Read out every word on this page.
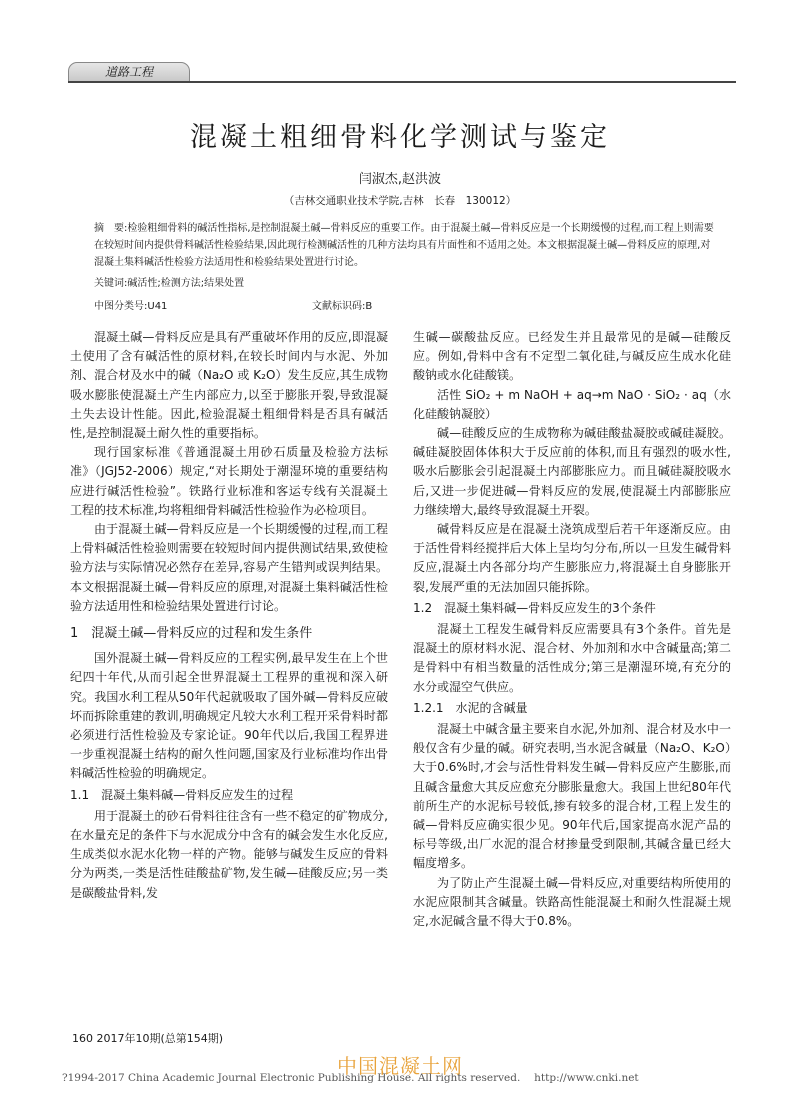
道路工程
混凝土粗细骨料化学测试与鉴定
闫淑杰,赵洪波
（吉林交通职业技术学院,吉林　长春　130012）

摘　要:检验粗细骨料的碱活性指标,是控制混凝土碱—骨料反应的重要工作。由于混凝土碱—骨料反应是一个长期缓慢的过程,而工程上则需要在较短时间内提供骨料碱活性检验结果,因此现行检测碱活性的几种方法均具有片面性和不适用之处。本文根据混凝土碱—骨料反应的原理,对混凝土集料碱活性检验方法适用性和检验结果处置进行讨论。

关键词:碱活性;检测方法;结果处置
中图分类号:U41	文献标识码:B

混凝土碱—骨料反应是具有严重破坏作用的反应,即混凝土使用了含有碱活性的原材料,在较长时间内与水泥、外加剂、混合材及水中的碱（Na₂O 或 K₂O）发生反应,其生成物吸水膨胀使混凝土产生内部应力,以至于膨胀开裂,导致混凝土失去设计性能。因此,检验混凝土粗细骨料是否具有碱活性,是控制混凝土耐久性的重要指标。

现行国家标准《普通混凝土用砂石质量及检验方法标准》（JGJ52-2006）规定,“对长期处于潮湿环境的重要结构应进行碱活性检验”。铁路行业标准和客运专线有关混凝土工程的技术标准,均将粗细骨料碱活性检验作为必检项目。

由于混凝土碱—骨料反应是一个长期缓慢的过程,而工程上骨料碱活性检验则需要在较短时间内提供测试结果,致使检验方法与实际情况必然存在差异,容易产生错判或误判结果。本文根据混凝土碱—骨料反应的原理,对混凝土集料碱活性检验方法适用性和检验结果处置进行讨论。

1　混凝土碱—骨料反应的过程和发生条件

国外混凝土碱—骨料反应的工程实例,最早发生在上个世纪四十年代,从而引起全世界混凝土工程界的重视和深入研究。我国水利工程从50年代起就吸取了国外碱—骨料反应破坏而拆除重建的教训,明确规定凡较大水利工程开采骨料时都必须进行活性检验及专家论证。90年代以后,我国工程界进一步重视混凝土结构的耐久性问题,国家及行业标准均作出骨料碱活性检验的明确规定。

1.1　混凝土集料碱—骨料反应发生的过程

用于混凝土的砂石骨料往往含有一些不稳定的矿物成分,在水量充足的条件下与水泥成分中含有的碱会发生水化反应,生成类似水泥水化物一样的产物。能够与碱发生反应的骨料分为两类,一类是活性硅酸盐矿物,发生碱—硅酸反应;另一类是碳酸盐骨料,发

生碱—碳酸盐反应。已经发生并且最常见的是碱—硅酸反应。例如,骨料中含有不定型二氧化硅,与碱反应生成水化硅酸钠或水化硅酸镁。

活性 SiO₂ + m NaOH + aq→m NaO · SiO₂ · aq（水化硅酸钠凝胶）

碱—硅酸反应的生成物称为碱硅酸盐凝胶或碱硅凝胶。碱硅凝胶固体体积大于反应前的体积,而且有强烈的吸水性,吸水后膨胀会引起混凝土内部膨胀应力。而且碱硅凝胶吸水后,又进一步促进碱—骨料反应的发展,使混凝土内部膨胀应力继续增大,最终导致混凝土开裂。

碱骨料反应是在混凝土浇筑成型后若干年逐渐反应。由于活性骨料经搅拌后大体上呈均匀分布,所以一旦发生碱骨料反应,混凝土内各部分均产生膨胀应力,将混凝土自身膨胀开裂,发展严重的无法加固只能拆除。

1.2　混凝土集料碱—骨料反应发生的3个条件

混凝土工程发生碱骨料反应需要具有3个条件。首先是混凝土的原材料水泥、混合材、外加剂和水中含碱量高;第二是骨料中有相当数量的活性成分;第三是潮湿环境,有充分的水分或湿空气供应。

1.2.1　水泥的含碱量

混凝土中碱含量主要来自水泥,外加剂、混合材及水中一般仅含有少量的碱。研究表明,当水泥含碱量（Na₂O、K₂O）大于0.6%时,才会与活性骨料发生碱—骨料反应产生膨胀,而且碱含量愈大其反应愈充分膨胀量愈大。我国上世纪80年代前所生产的水泥标号较低,掺有较多的混合材,工程上发生的碱—骨料反应确实很少见。90年代后,国家提高水泥产品的标号等级,出厂水泥的混合材掺量受到限制,其碱含量已经大幅度增多。

为了防止产生混凝土碱—骨料反应,对重要结构所使用的水泥应限制其含碱量。铁路高性能混凝土和耐久性混凝土规定,水泥碱含量不得大于0.8%。

160 2017年10期(总第154期)
中国混凝土网
?1994-2017 China Academic Journal Electronic Publishing House. All rights reserved.　 http://www.cnki.net
